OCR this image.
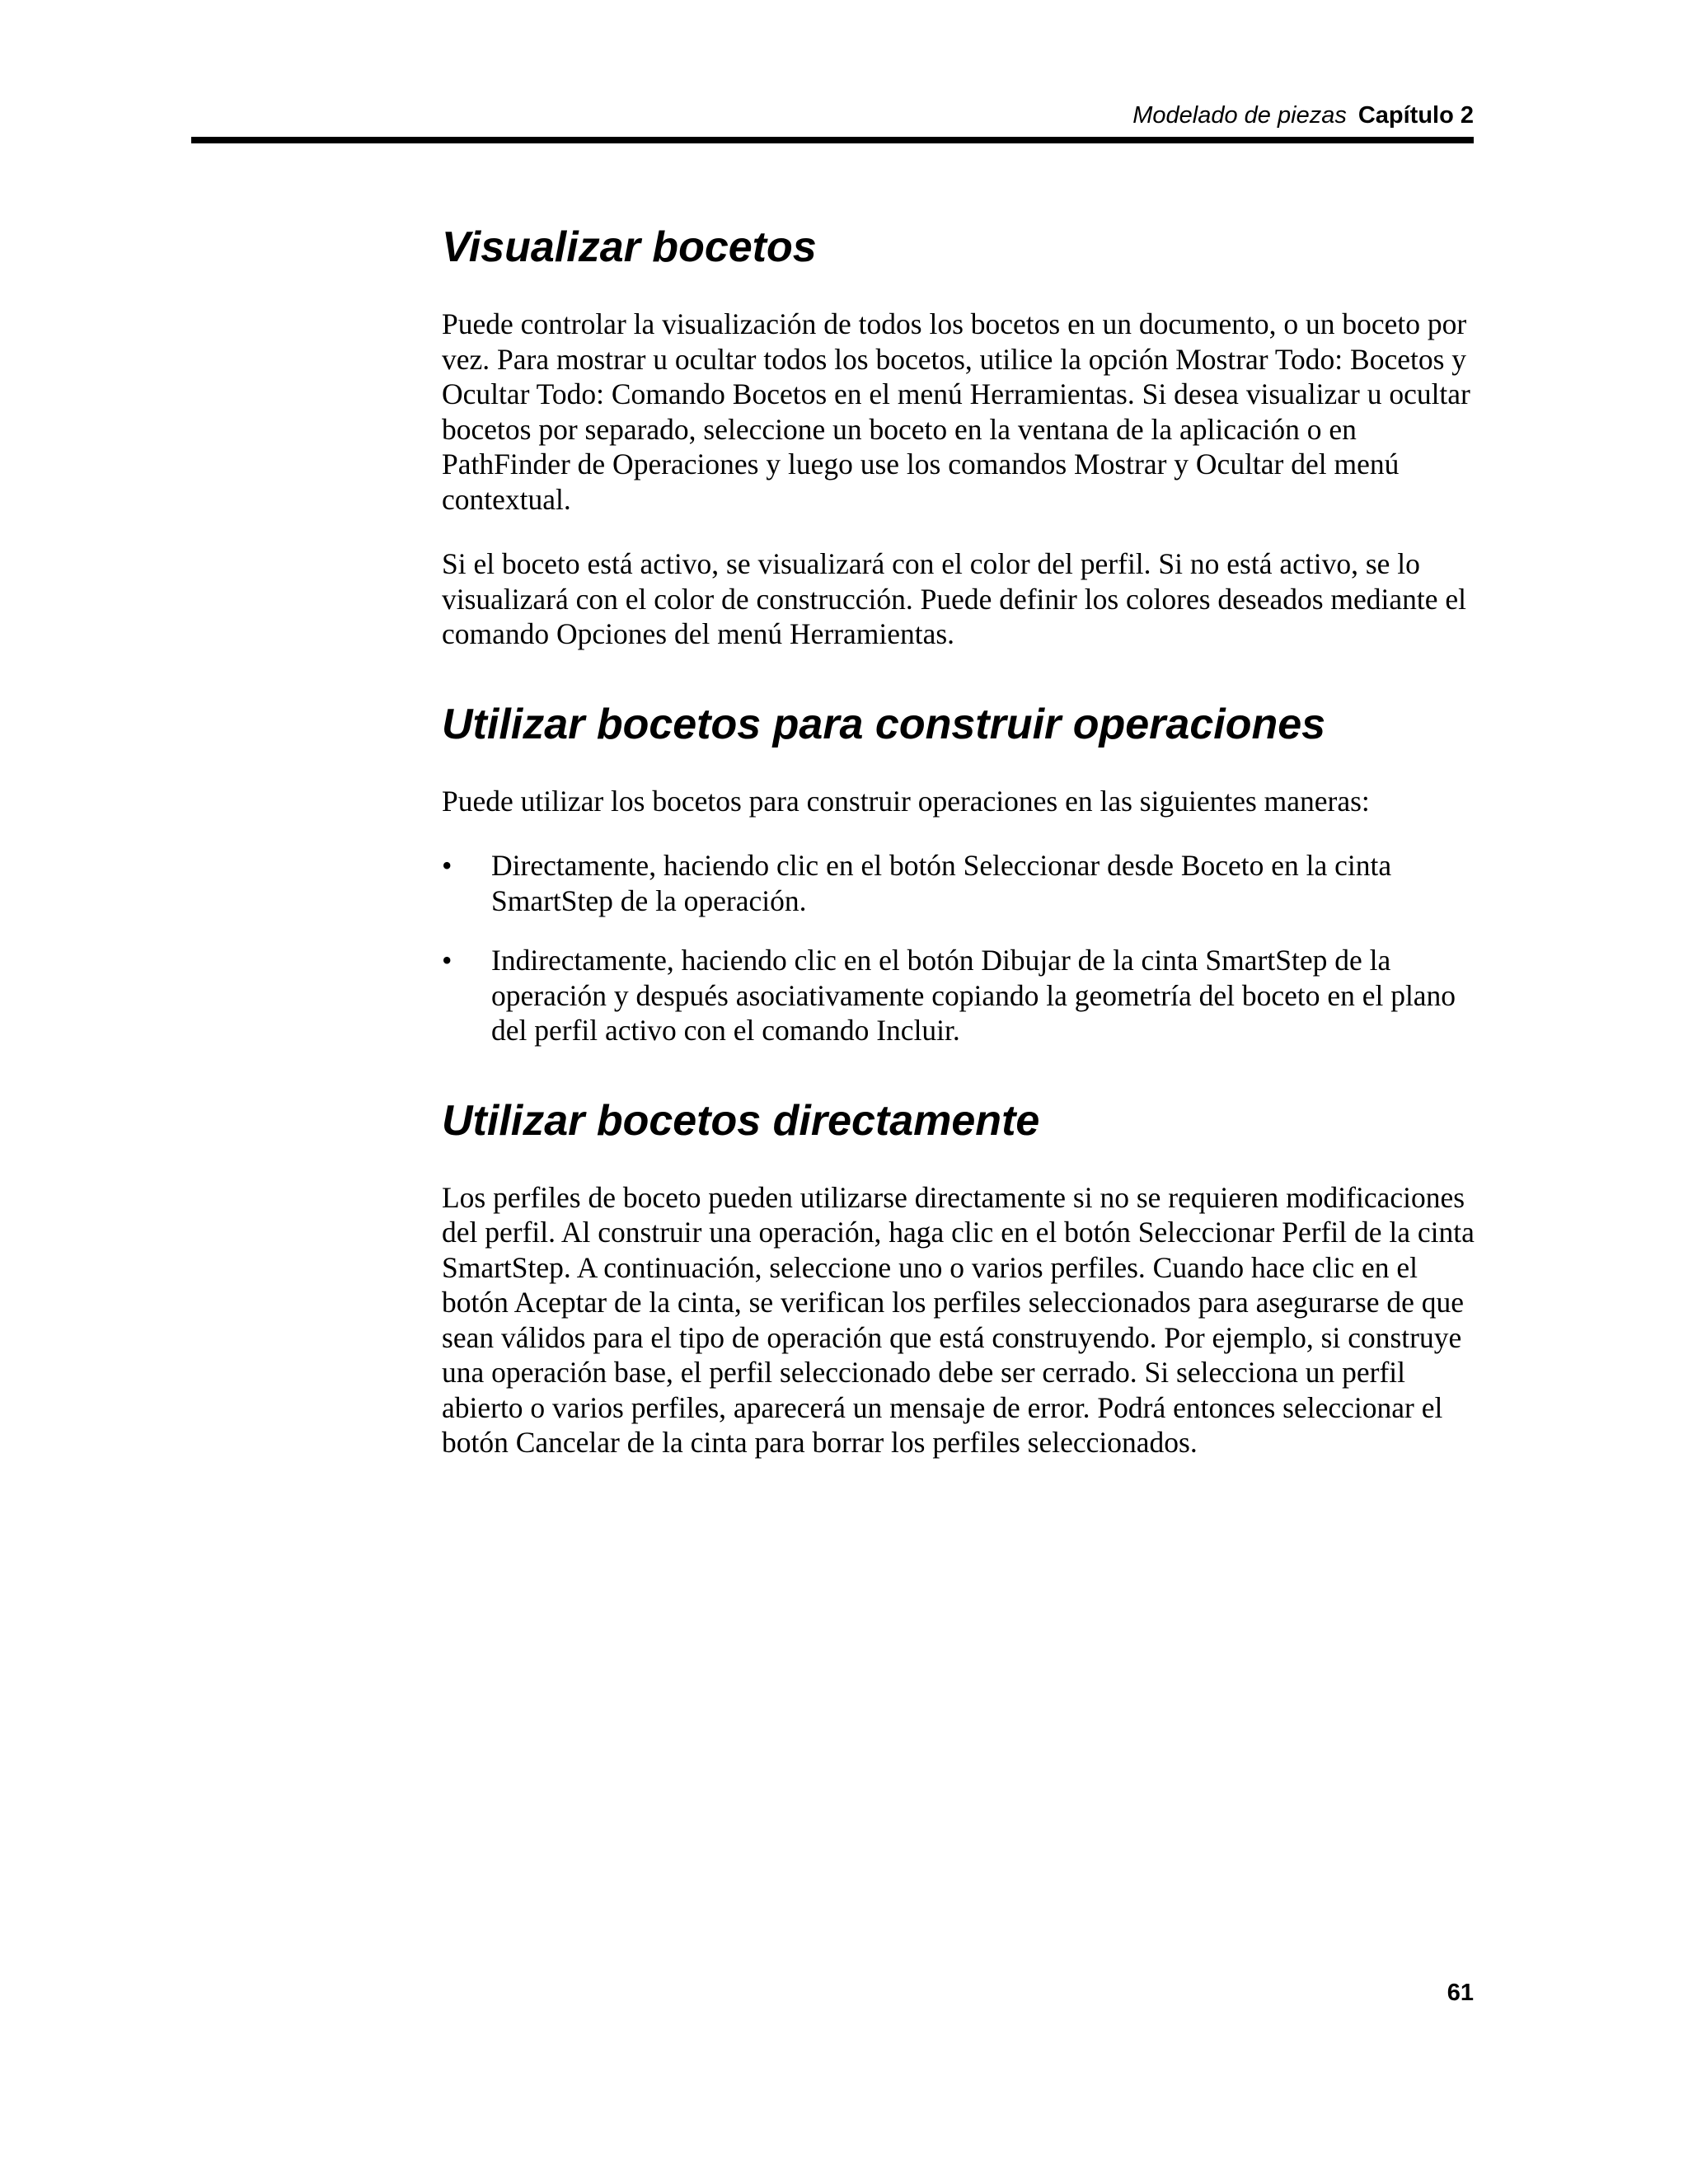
Modelado de piezas Capítulo 2
Visualizar bocetos

Puede controlar la visualización de todos los bocetos en un documento, o un boceto por vez. Para mostrar u ocultar todos los bocetos, utilice la opción Mostrar Todo: Bocetos y Ocultar Todo: Comando Bocetos en el menú Herramientas. Si desea visualizar u ocultar bocetos por separado, seleccione un boceto en la ventana de la aplicación o en PathFinder de Operaciones y luego use los comandos Mostrar y Ocultar del menú contextual.

Si el boceto está activo, se visualizará con el color del perfil. Si no está activo, se lo visualizará con el color de construcción. Puede definir los colores deseados mediante el comando Opciones del menú Herramientas.

Utilizar bocetos para construir operaciones

Puede utilizar los bocetos para construir operaciones en las siguientes maneras:

• Directamente, haciendo clic en el botón Seleccionar desde Boceto en la cinta SmartStep de la operación.
• Indirectamente, haciendo clic en el botón Dibujar de la cinta SmartStep de la operación y después asociativamente copiando la geometría del boceto en el plano del perfil activo con el comando Incluir.
Utilizar bocetos directamente

Los perfiles de boceto pueden utilizarse directamente si no se requieren modificaciones del perfil. Al construir una operación, haga clic en el botón Seleccionar Perfil de la cinta SmartStep. A continuación, seleccione uno o varios perfiles. Cuando hace clic en el botón Aceptar de la cinta, se verifican los perfiles seleccionados para asegurarse de que sean válidos para el tipo de operación que está construyendo. Por ejemplo, si construye una operación base, el perfil seleccionado debe ser cerrado. Si selecciona un perfil abierto o varios perfiles, aparecerá un mensaje de error. Podrá entonces seleccionar el botón Cancelar de la cinta para borrar los perfiles seleccionados.

61
